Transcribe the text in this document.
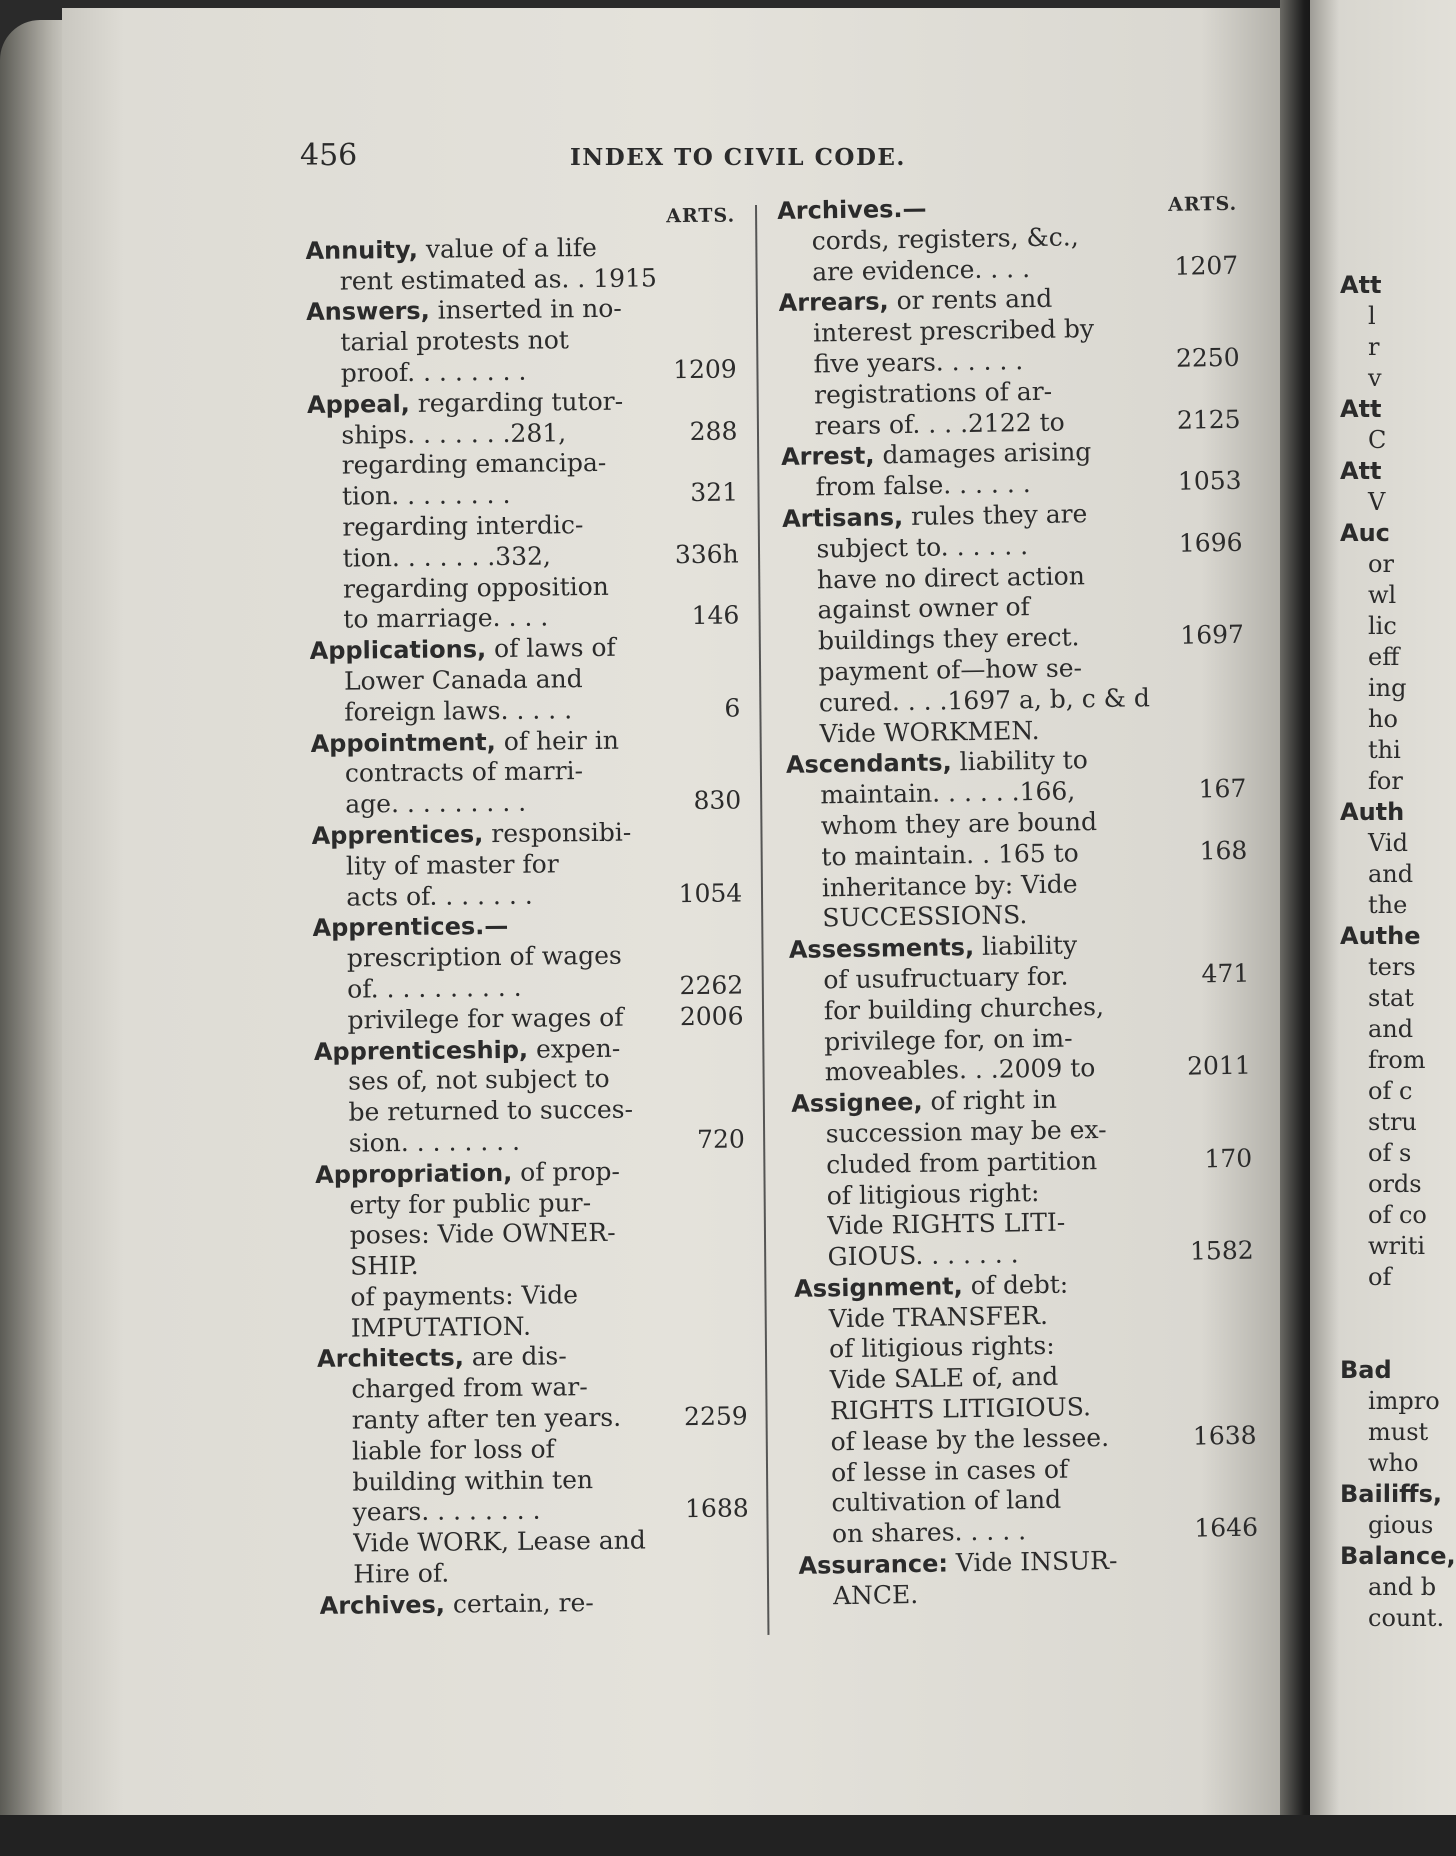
456	INDEX TO CIVIL CODE.
ARTS.
Annuity, value of a life
rent estimated as. . 1915
Answers, inserted in no-
tarial protests not
proof. . . . . . . .	1209
Appeal, regarding tutor-
ships. . . . . . .281,	288
regarding emancipa-
tion. . . . . . . .	321
regarding interdic-
tion. . . . . . .332,	336h
regarding opposition
to marriage. . . .	146
Applications, of laws of
Lower Canada and
foreign laws. . . . .	6
Appointment, of heir in
contracts of marri-
age. . . . . . . . .	830
Apprentices, responsibi-
lity of master for
acts of. . . . . . .	1054
Apprentices.—
prescription of wages
of. . . . . . . . . .	2262
privilege for wages of	2006
Apprenticeship, expen-
ses of, not subject to
be returned to succes-
sion. . . . . . . .	720
Appropriation, of prop-
erty for public pur-
poses: Vide OWNER-
SHIP.
of payments: Vide
IMPUTATION.
Architects, are dis-
charged from war-
ranty after ten years.	2259
liable for loss of
building within ten
years. . . . . . . .	1688
Vide WORK, Lease and
Hire of.
Archives, certain, re-
Archives.—	ARTS.
cords, registers, &c.,
are evidence. . . .	1207
Arrears, or rents and
interest prescribed by
five years. . . . . .	2250
registrations of ar-
rears of. . . .2122 to	2125
Arrest, damages arising
from false. . . . . .	1053
Artisans, rules they are
subject to. . . . . .	1696
have no direct action
against owner of
buildings they erect.	1697
payment of—how se-
cured. . . .1697 a, b, c & d
Vide WORKMEN.
Ascendants, liability to
maintain. . . . . .166,	167
whom they are bound
to maintain. . 165 to	168
inheritance by: Vide
SUCCESSIONS.
Assessments, liability
of usufructuary for.	471
for building churches,
privilege for, on im-
moveables. . .2009 to	2011
Assignee, of right in
succession may be ex-
cluded from partition	170
of litigious right:
Vide RIGHTS LITI-
GIOUS. . . . . . .	1582
Assignment, of debt:
Vide TRANSFER.
of litigious rights:
Vide SALE of, and
RIGHTS LITIGIOUS.
of lease by the lessee.	1638
of lesse in cases of
cultivation of land
on shares. . . . .	1646
Assurance: Vide INSUR-
ANCE.
Att
l
r
v
Att
C
Att
V
Auc
or
wl
lic
eff
ing
ho
thi
for
Auth
Vid
and
the
Authe
ters
stat
and
from
of c
stru
of s
ords
of co
writi
of
Bad
impro
must
who
Bailiffs,
gious
Balance,
and b
count.
